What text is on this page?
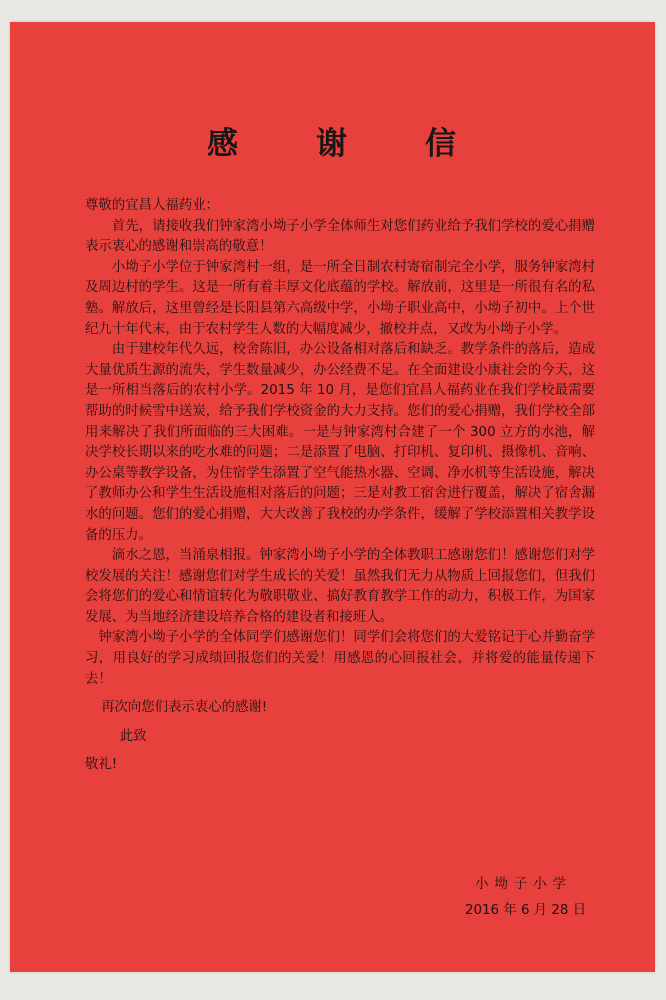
感 谢 信

尊敬的宜昌人福药业：

首先，请接收我们钟家湾小坳子小学全体师生对您们药业给予我们学校的爱心捐赠表示衷心的感谢和崇高的敬意！

小坳子小学位于钟家湾村一组，是一所全日制农村寄宿制完全小学，服务钟家湾村及周边村的学生。这是一所有着丰厚文化底蕴的学校。解放前，这里是一所很有名的私塾。解放后，这里曾经是长阳县第六高级中学，小坳子职业高中，小坳子初中。上个世纪九十年代末，由于农村学生人数的大幅度减少，撤校并点，又改为小坳子小学。

由于建校年代久远，校舍陈旧，办公设备相对落后和缺乏。教学条件的落后，造成大量优质生源的流失，学生数量减少，办公经费不足。在全面建设小康社会的今天，这是一所相当落后的农村小学。2015 年 10 月，是您们宜昌人福药业在我们学校最需要帮助的时候雪中送炭，给予我们学校资金的大力支持。您们的爱心捐赠，我们学校全部用来解决了我们所面临的三大困难。一是与钟家湾村合建了一个 300 立方的水池，解决学校长期以来的吃水难的问题；二是添置了电脑、打印机、复印机、摄像机、音响、办公桌等教学设备，为住宿学生添置了空气能热水器、空调、净水机等生活设施，解决了教师办公和学生生活设施相对落后的问题；三是对教工宿舍进行覆盖，解决了宿舍漏水的问题。您们的爱心捐赠，大大改善了我校的办学条件，缓解了学校添置相关教学设备的压力。

滴水之恩，当涌泉相报。钟家湾小坳子小学的全体教职工感谢您们！感谢您们对学校发展的关注！感谢您们对学生成长的关爱！虽然我们无力从物质上回报您们，但我们会将您们的爱心和情谊转化为敬职敬业、搞好教育教学工作的动力，积极工作，为国家发展、为当地经济建设培养合格的建设者和接班人。

钟家湾小坳子小学的全体同学们感谢您们！同学们会将您们的大爱铭记于心并勤奋学习，用良好的学习成绩回报您们的关爱！用感恩的心回报社会，并将爱的能量传递下去！

再次向您们表示衷心的感谢!

此致

敬礼!

小坳子小学
2016 年 6 月 28 日
